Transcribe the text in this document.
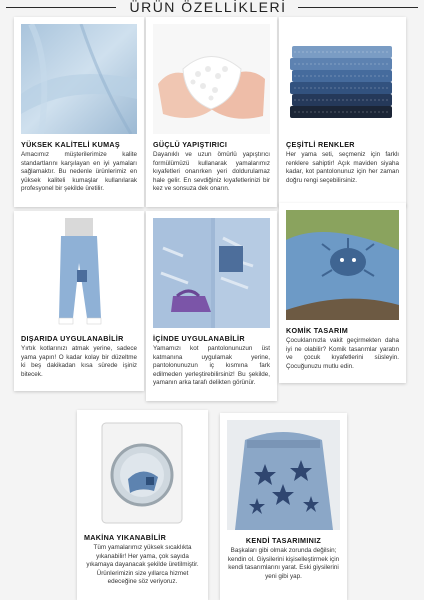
ÜRÜN ÖZELLİKLERİ
YÜKSEK KALİTELİ KUMAŞ

Amacımız müşterilerimize kalite standartlarını karşılayan en iyi yamaları sağlamaktır. Bu nedenle ürünlerimiz en yüksek kaliteli kumaşlar kullanılarak profesyonel bir şekilde üretilir.

GÜÇLÜ YAPIŞTIRICI

Dayanıklı ve uzun ömürlü yapıştırıcı formülümüzü kullanarak yamalarımız kıyafetleri onarırken yeri doldurulamaz hale gelir. En sevdiğiniz kıyafetlerinizi bir kez ve sonsuza dek onarın.

ÇEŞİTLİ RENKLER

Her yama seti, seçmeniz için farklı renklere sahiptir! Açık maviden siyaha kadar, kot pantolonunuz için her zaman doğru rengi seçebilirsiniz.

DIŞARIDA UYGULANABİLİR

Yırtık kotlarınızı atmak yerine, sadece yama yapın! O kadar kolay bir düzeltme ki beş dakikadan kısa sürede işiniz bitecek.

İÇİNDE UYGULANABİLİR

Yamamızı kot pantolonunuzun üst katmanına uygulamak yerine, pantolonunuzun iç kısmına fark edilmeden yerleştirebilirsiniz! Bu şekilde, yamanın arka tarafı delikten görünür.

KOMİK TASARIM

Çocuklarınızla vakit geçirmekten daha iyi ne olabilir? Komik tasarımlar yaratın ve çocuk kıyafetlerini süsleyin. Çocuğunuzu mutlu edin.

MAKİNA YIKANABİLİR

Tüm yamalarımız yüksek sıcaklıkta yıkanabilir! Her yama, çok sayıda yıkamaya dayanacak şekilde üretilmiştir. Ürünlerimizin size yıllarca hizmet edeceğine söz veriyoruz.

KENDİ TASARIMINIZ

Başkaları gibi olmak zorunda değilsin; kendin ol. Giysilerini kişiselleştirmek için kendi tasarımlarını yarat. Eski giysilerini yeni gibi yap.
